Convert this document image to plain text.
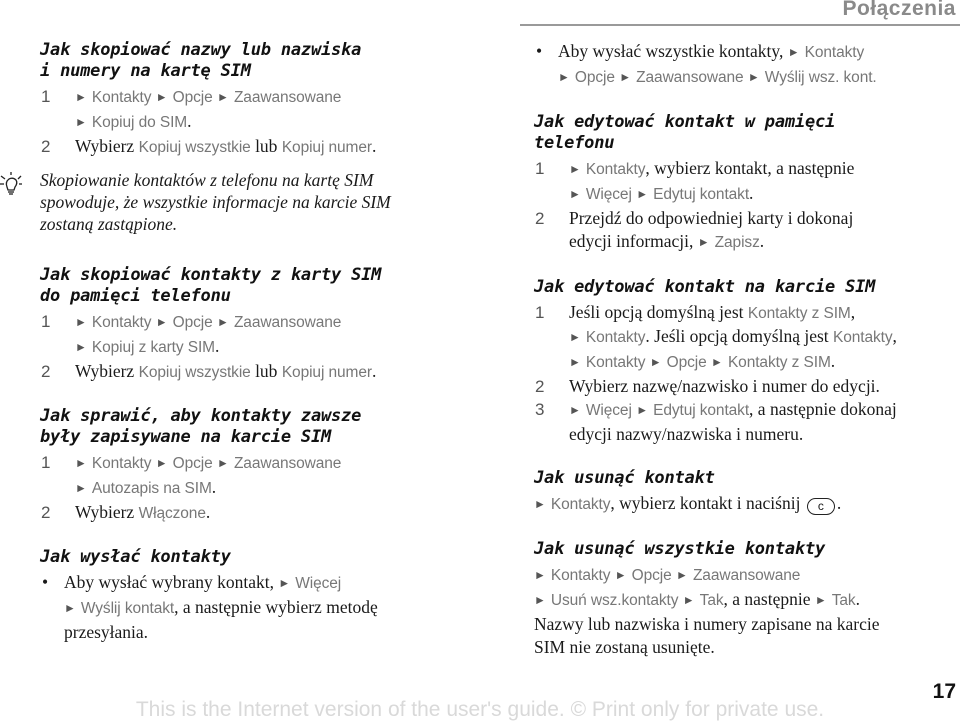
Połączenia
Jak skopiować nazwy lub nazwiska
i numery na kartę SIM
1 ► Kontakty ► Opcje ► Zaawansowane
► Kopiuj do SIM.
2 Wybierz Kopiuj wszystkie lub Kopiuj numer.
Skopiowanie kontaktów z telefonu na kartę SIM
spowoduje, że wszystkie informacje na karcie SIM
zostaną zastąpione.
Jak skopiować kontakty z karty SIM
do pamięci telefonu
1 ► Kontakty ► Opcje ► Zaawansowane
► Kopiuj z karty SIM.
2 Wybierz Kopiuj wszystkie lub Kopiuj numer.
Jak sprawić, aby kontakty zawsze
były zapisywane na karcie SIM
1 ► Kontakty ► Opcje ► Zaawansowane
► Autozapis na SIM.
2 Wybierz Włączone.
Jak wysłać kontakty
• Aby wysłać wybrany kontakt, ► Więcej
► Wyślij kontakt, a następnie wybierz metodę
przesyłania.
• Aby wysłać wszystkie kontakty, ► Kontakty
► Opcje ► Zaawansowane ► Wyślij wsz. kont.
Jak edytować kontakt w pamięci
telefonu
1 ► Kontakty, wybierz kontakt, a następnie
► Więcej ► Edytuj kontakt.
2 Przejdź do odpowiedniej karty i dokonaj
edycji informacji, ► Zapisz.
Jak edytować kontakt na karcie SIM
1 Jeśli opcją domyślną jest Kontakty z SIM,
► Kontakty. Jeśli opcją domyślną jest Kontakty,
► Kontakty ► Opcje ► Kontakty z SIM.
2 Wybierz nazwę/nazwisko i numer do edycji.
3 ► Więcej ► Edytuj kontakt, a następnie dokonaj
edycji nazwy/nazwiska i numeru.
Jak usunąć kontakt
► Kontakty, wybierz kontakt i naciśnij c .
Jak usunąć wszystkie kontakty
► Kontakty ► Opcje ► Zaawansowane
► Usuń wsz.kontakty ► Tak, a następnie ► Tak.
Nazwy lub nazwiska i numery zapisane na karcie
SIM nie zostaną usunięte.
17
This is the Internet version of the user's guide. © Print only for private use.
